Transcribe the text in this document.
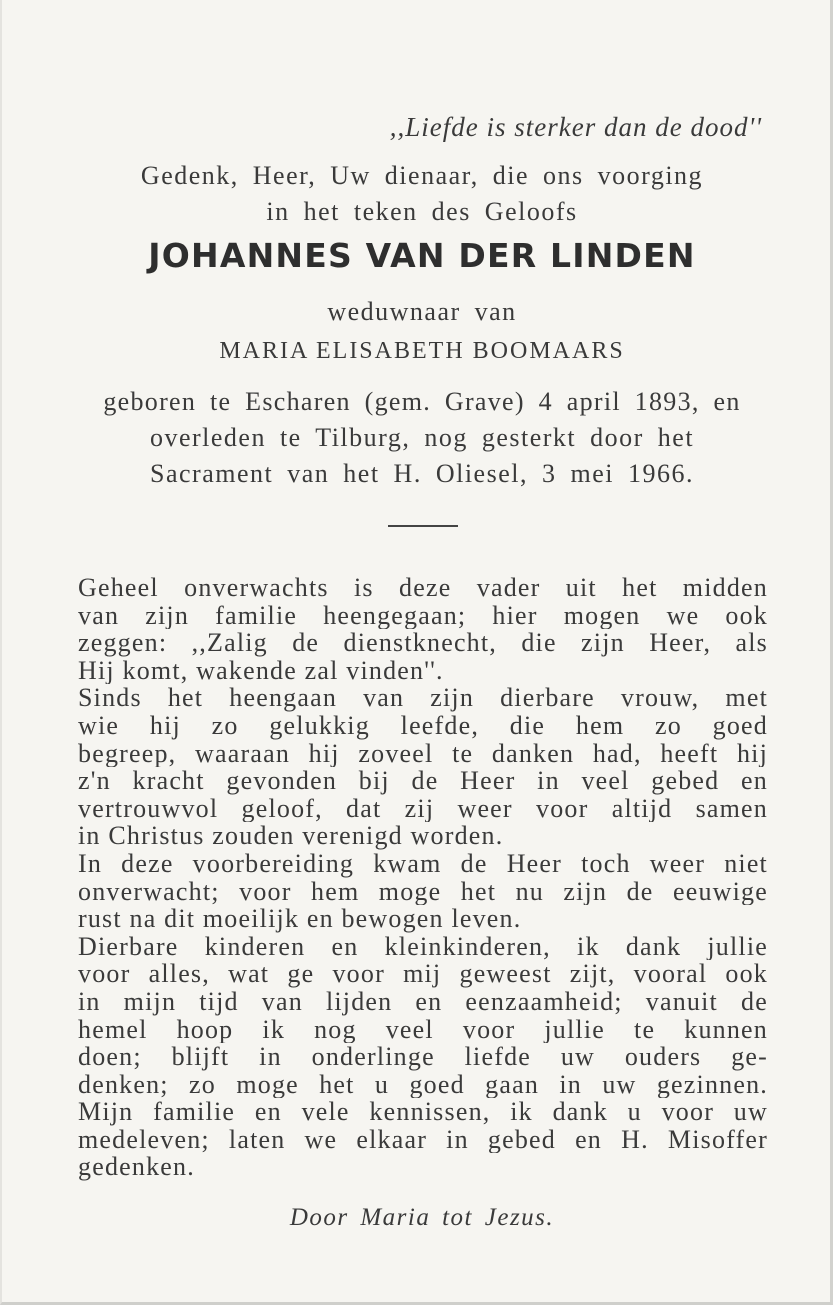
,,Liefde is sterker dan de dood''

Gedenk, Heer, Uw dienaar, die ons voorging

in het teken des Geloofs

JOHANNES VAN DER LINDEN

weduwnaar van

MARIA ELISABETH BOOMAARS

geboren te Escharen (gem. Grave) 4 april 1893, en

overleden te Tilburg, nog gesterkt door het

Sacrament van het H. Oliesel, 3 mei 1966.

Geheel onverwachts is deze vader uit het midden
van zijn familie heengegaan; hier mogen we ook
zeggen: ,,Zalig de dienstknecht, die zijn Heer, als
Hij komt, wakende zal vinden''.
Sinds het heengaan van zijn dierbare vrouw, met
wie hij zo gelukkig leefde, die hem zo goed
begreep, waaraan hij zoveel te danken had, heeft hij
z'n kracht gevonden bij de Heer in veel gebed en
vertrouwvol geloof, dat zij weer voor altijd samen
in Christus zouden verenigd worden.
In deze voorbereiding kwam de Heer toch weer niet
onverwacht; voor hem moge het nu zijn de eeuwige
rust na dit moeilijk en bewogen leven.
Dierbare kinderen en kleinkinderen, ik dank jullie
voor alles, wat ge voor mij geweest zijt, vooral ook
in mijn tijd van lijden en eenzaamheid; vanuit de
hemel hoop ik nog veel voor jullie te kunnen
doen; blijft in onderlinge liefde uw ouders ge-
denken; zo moge het u goed gaan in uw gezinnen.
Mijn familie en vele kennissen, ik dank u voor uw
medeleven; laten we elkaar in gebed en H. Misoffer
gedenken.
Door Maria tot Jezus.
